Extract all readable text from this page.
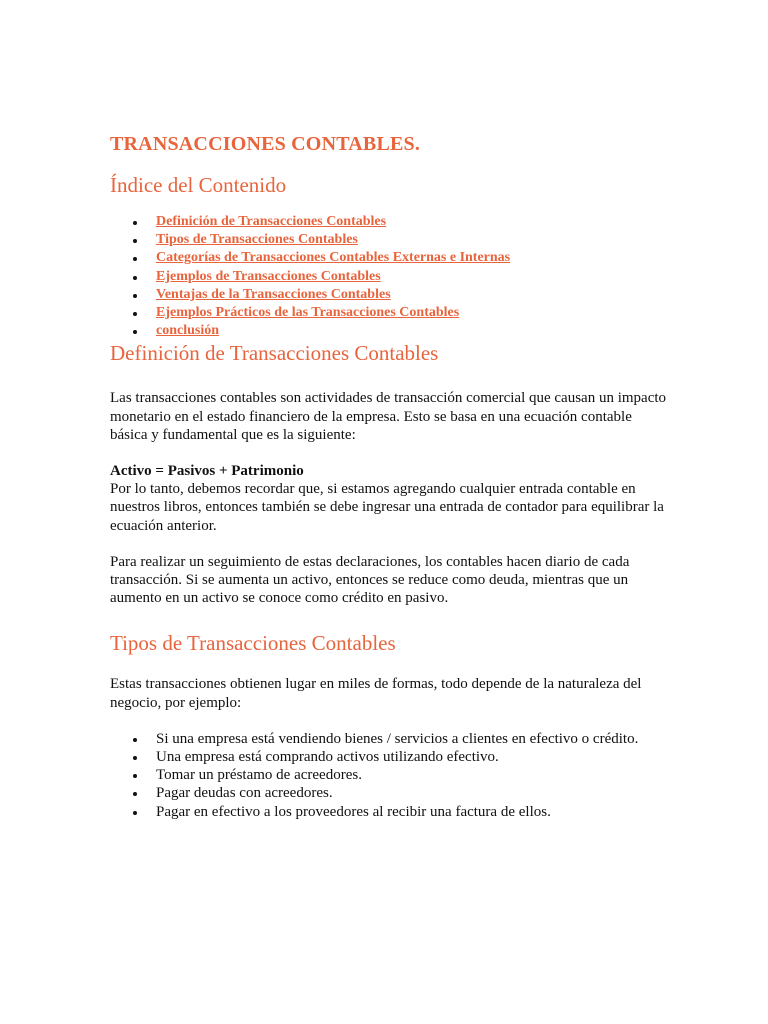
TRANSACCIONES CONTABLES.
Índice del Contenido
Definición de Transacciones Contables
Tipos de Transacciones Contables
Categorías de Transacciones Contables Externas e Internas
Ejemplos de Transacciones Contables
Ventajas de la Transacciones Contables
Ejemplos Prácticos de las Transacciones Contables
conclusión
Definición de Transacciones Contables

Las transacciones contables son actividades de transacción comercial que causan un impacto monetario en el estado financiero de la empresa. Esto se basa en una ecuación contable básica y fundamental que es la siguiente:

Activo = Pasivos + Patrimonio

Por lo tanto, debemos recordar que, si estamos agregando cualquier entrada contable en nuestros libros, entonces también se debe ingresar una entrada de contador para equilibrar la ecuación anterior.

Para realizar un seguimiento de estas declaraciones, los contables hacen diario de cada transacción. Si se aumenta un activo, entonces se reduce como deuda, mientras que un aumento en un activo se conoce como crédito en pasivo.

Tipos de Transacciones Contables

Estas transacciones obtienen lugar en miles de formas, todo depende de la naturaleza del negocio, por ejemplo:

Si una empresa está vendiendo bienes / servicios a clientes en efectivo o crédito.
Una empresa está comprando activos utilizando efectivo.
Tomar un préstamo de acreedores.
Pagar deudas con acreedores.
Pagar en efectivo a los proveedores al recibir una factura de ellos.
